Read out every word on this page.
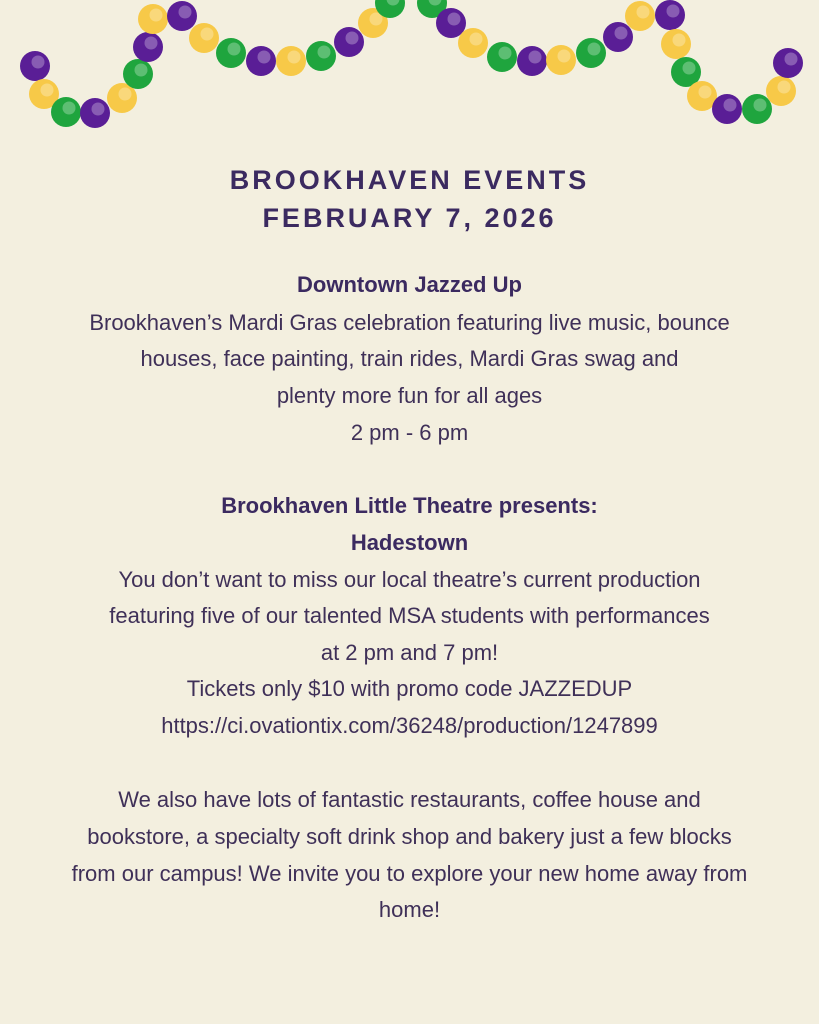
BROOKHAVEN EVENTS
FEBRUARY 7, 2026
Downtown Jazzed Up
Brookhaven’s Mardi Gras celebration featuring live music, bounce
houses, face painting, train rides, Mardi Gras swag and
plenty more fun for all ages
2 pm - 6 pm
Brookhaven Little Theatre presents:
Hadestown
You don’t want to miss our local theatre’s current production
featuring five of our talented MSA students with performances
at 2 pm and 7 pm!
Tickets only $10 with promo code JAZZEDUP
https://ci.ovationtix.com/36248/production/1247899
We also have lots of fantastic restaurants, coffee house and
bookstore, a specialty soft drink shop and bakery just a few blocks
from our campus! We invite you to explore your new home away from
home!
